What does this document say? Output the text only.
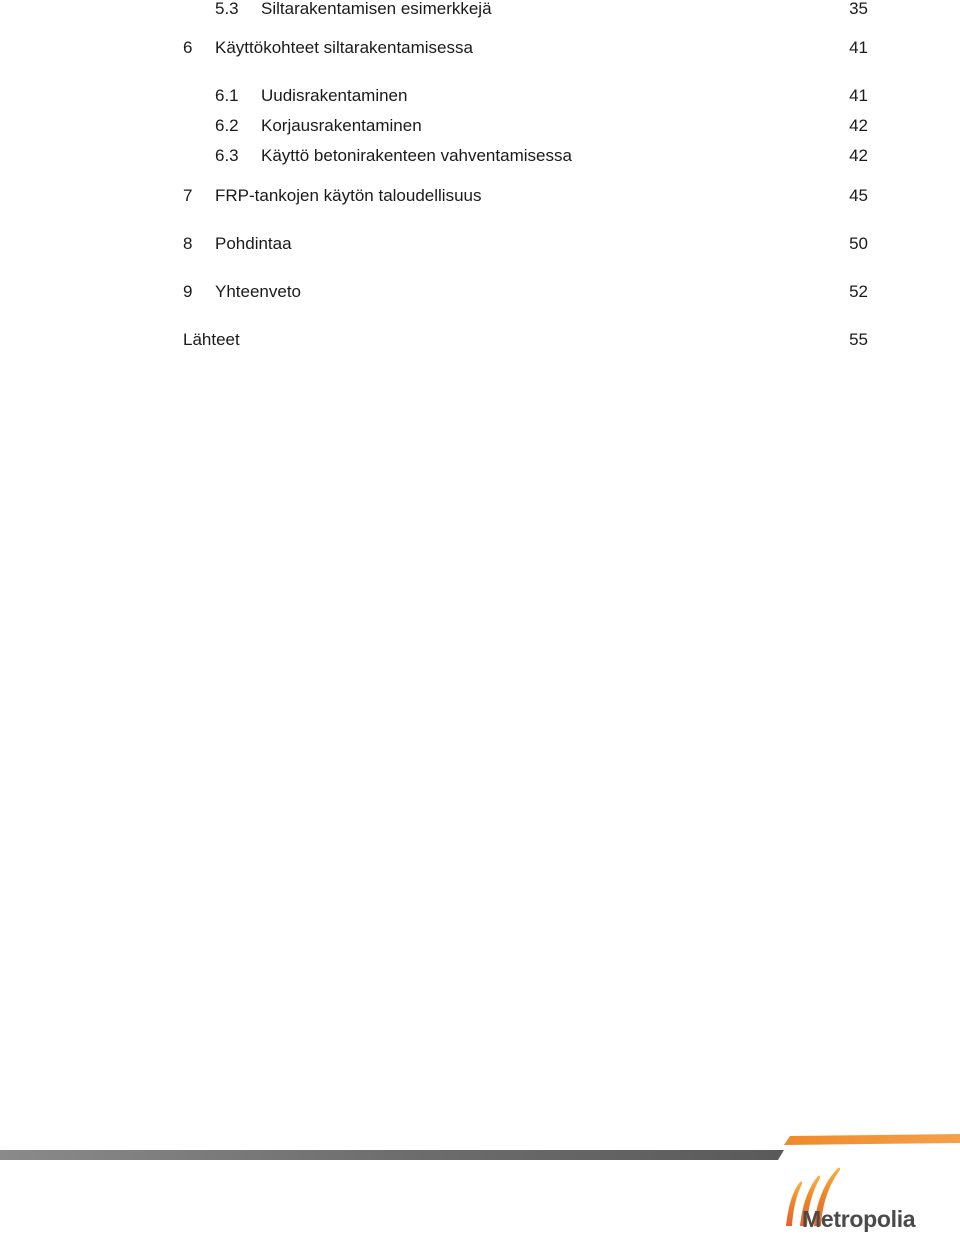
5.3 Siltarakentamisen esimerkkejä	35
6 Käyttökohteet siltarakentamisessa	41
6.1 Uudisrakentaminen	41
6.2 Korjausrakentaminen	42
6.3 Käyttö betonirakenteen vahventamisessa	42
7 FRP-tankojen käytön taloudellisuus	45
8 Pohdintaa	50
9 Yhteenveto	52
Lähteet	55
Metropolia
